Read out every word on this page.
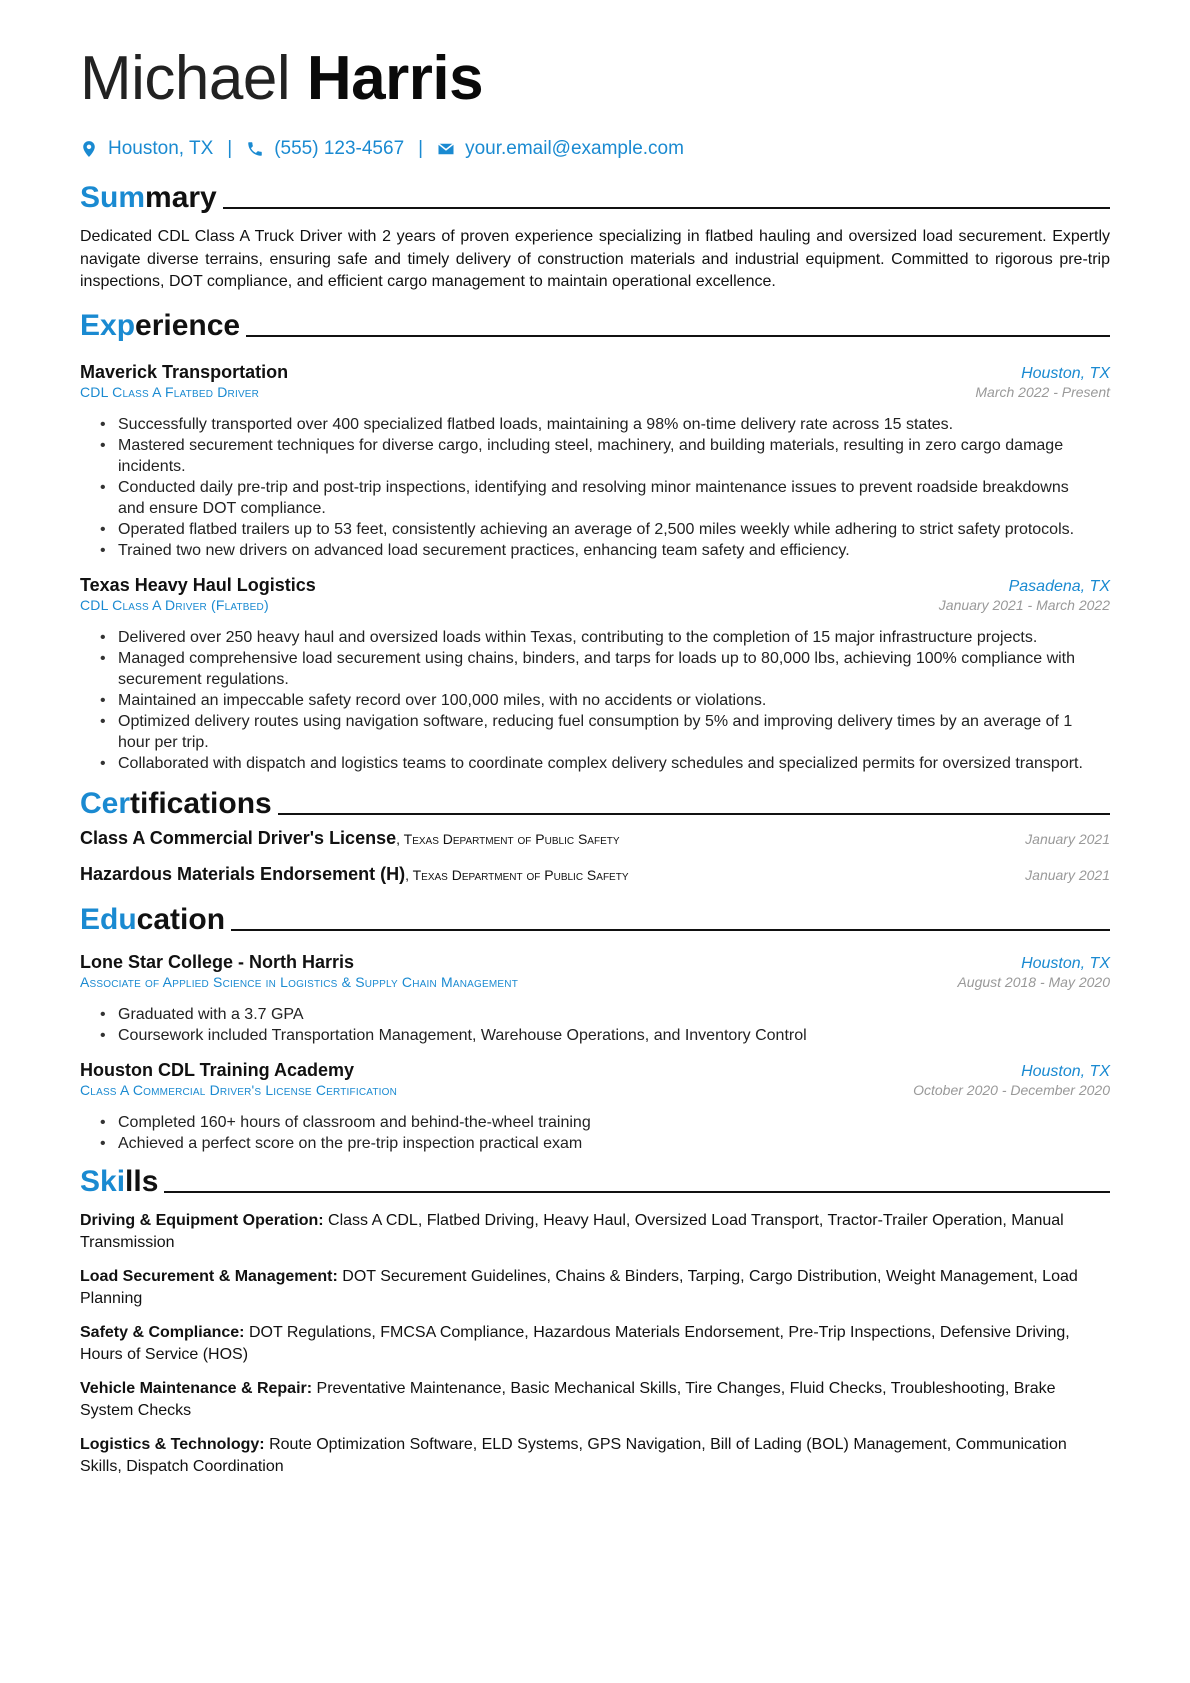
Michael Harris
Houston, TX | (555) 123-4567 | your.email@example.com
Summary

Dedicated CDL Class A Truck Driver with 2 years of proven experience specializing in flatbed hauling and oversized load securement. Expertly navigate diverse terrains, ensuring safe and timely delivery of construction materials and industrial equipment. Committed to rigorous pre-trip inspections, DOT compliance, and efficient cargo management to maintain operational excellence.

Experience
Maverick Transportation	Houston, TX
CDL Class A Flatbed Driver	March 2022 - Present
• Successfully transported over 400 specialized flatbed loads, maintaining a 98% on-time delivery rate across 15 states.
• Mastered securement techniques for diverse cargo, including steel, machinery, and building materials, resulting in zero cargo damage incidents.
• Conducted daily pre-trip and post-trip inspections, identifying and resolving minor maintenance issues to prevent roadside breakdowns and ensure DOT compliance.
• Operated flatbed trailers up to 53 feet, consistently achieving an average of 2,500 miles weekly while adhering to strict safety protocols.
• Trained two new drivers on advanced load securement practices, enhancing team safety and efficiency.
Texas Heavy Haul Logistics	Pasadena, TX
CDL Class A Driver (Flatbed)	January 2021 - March 2022
• Delivered over 250 heavy haul and oversized loads within Texas, contributing to the completion of 15 major infrastructure projects.
• Managed comprehensive load securement using chains, binders, and tarps for loads up to 80,000 lbs, achieving 100% compliance with securement regulations.
• Maintained an impeccable safety record over 100,000 miles, with no accidents or violations.
• Optimized delivery routes using navigation software, reducing fuel consumption by 5% and improving delivery times by an average of 1 hour per trip.
• Collaborated with dispatch and logistics teams to coordinate complex delivery schedules and specialized permits for oversized transport.
Certifications
Class A Commercial Driver's License, Texas Department of Public Safety	January 2021
Hazardous Materials Endorsement (H), Texas Department of Public Safety	January 2021
Education
Lone Star College - North Harris	Houston, TX
Associate of Applied Science in Logistics & Supply Chain Management	August 2018 - May 2020
• Graduated with a 3.7 GPA
• Coursework included Transportation Management, Warehouse Operations, and Inventory Control
Houston CDL Training Academy	Houston, TX
Class A Commercial Driver's License Certification	October 2020 - December 2020
• Completed 160+ hours of classroom and behind-the-wheel training
• Achieved a perfect score on the pre-trip inspection practical exam
Skills

Driving & Equipment Operation: Class A CDL, Flatbed Driving, Heavy Haul, Oversized Load Transport, Tractor-Trailer Operation, Manual Transmission

Load Securement & Management: DOT Securement Guidelines, Chains & Binders, Tarping, Cargo Distribution, Weight Management, Load Planning

Safety & Compliance: DOT Regulations, FMCSA Compliance, Hazardous Materials Endorsement, Pre-Trip Inspections, Defensive Driving, Hours of Service (HOS)

Vehicle Maintenance & Repair: Preventative Maintenance, Basic Mechanical Skills, Tire Changes, Fluid Checks, Troubleshooting, Brake System Checks

Logistics & Technology: Route Optimization Software, ELD Systems, GPS Navigation, Bill of Lading (BOL) Management, Communication Skills, Dispatch Coordination
